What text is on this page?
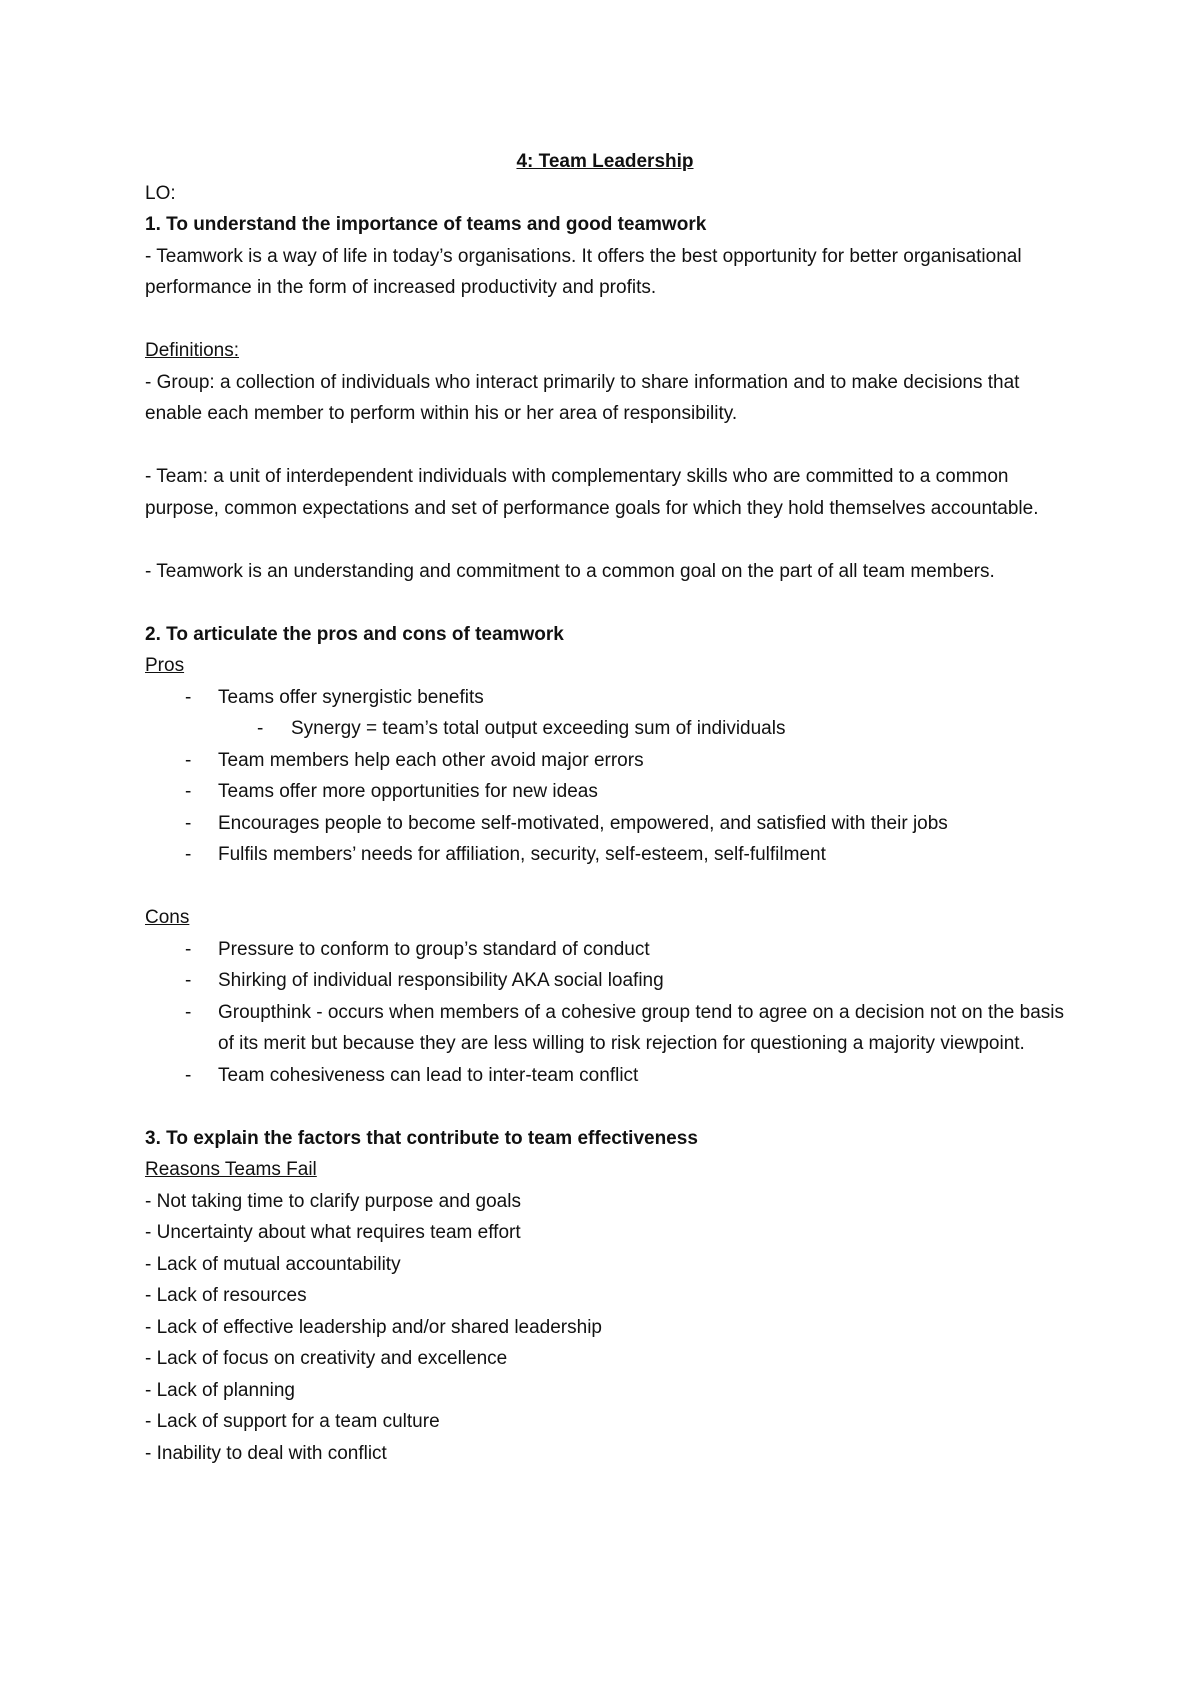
4: Team Leadership

LO:

1. To understand the importance of teams and good teamwork

- Teamwork is a way of life in today’s organisations. It offers the best opportunity for better organisational performance in the form of increased productivity and profits.

Definitions:

- Group: a collection of individuals who interact primarily to share information and to make decisions that enable each member to perform within his or her area of responsibility.

- Team: a unit of interdependent individuals with complementary skills who are committed to a common purpose, common expectations and set of performance goals for which they hold themselves accountable.

- Teamwork is an understanding and commitment to a common goal on the part of all team members.

2. To articulate the pros and cons of teamwork

Pros

- Teams offer synergistic benefits
- Synergy = team’s total output exceeding sum of individuals
- Team members help each other avoid major errors
- Teams offer more opportunities for new ideas
- Encourages people to become self-motivated, empowered, and satisfied with their jobs
- Fulfils members’ needs for affiliation, security, self-esteem, self-fulfilment

Cons

- Pressure to conform to group’s standard of conduct
- Shirking of individual responsibility AKA social loafing
- Groupthink - occurs when members of a cohesive group tend to agree on a decision not on the basis of its merit but because they are less willing to risk rejection for questioning a majority viewpoint.
- Team cohesiveness can lead to inter-team conflict

3. To explain the factors that contribute to team effectiveness

Reasons Teams Fail

- Not taking time to clarify purpose and goals

- Uncertainty about what requires team effort

- Lack of mutual accountability

- Lack of resources

- Lack of effective leadership and/or shared leadership

- Lack of focus on creativity and excellence

- Lack of planning

- Lack of support for a team culture

- Inability to deal with conflict
